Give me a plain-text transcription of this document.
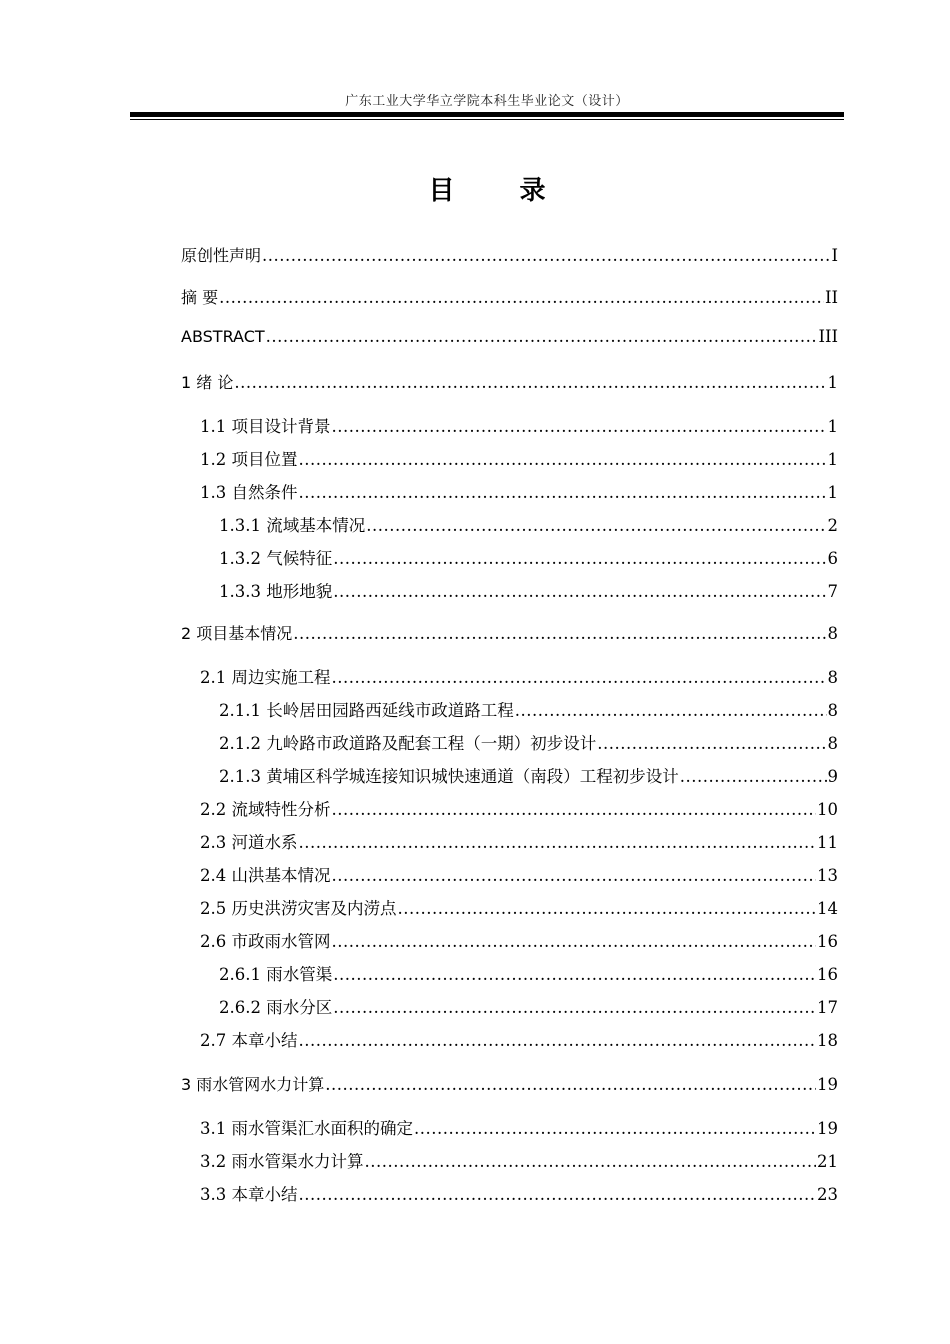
广东工业大学华立学院本科生毕业论文（设计）
目 录
原创性声明 .....	I
摘 要 .....	II
ABSTRACT .....	III
1 绪 论 .....	1
1.1 项目设计背景 .....	1
1.2 项目位置 .....	1
1.3 自然条件 .....	1
1.3.1 流域基本情况 .....	2
1.3.2 气候特征 .....	6
1.3.3 地形地貌 .....	7
2 项目基本情况 .....	8
2.1 周边实施工程 .....	8
2.1.1 长岭居田园路西延线市政道路工程 .....	8
2.1.2 九岭路市政道路及配套工程（一期）初步设计 .....	8
2.1.3 黄埔区科学城连接知识城快速通道（南段）工程初步设计 .....	9
2.2 流域特性分析 .....	10
2.3 河道水系 .....	11
2.4 山洪基本情况 .....	13
2.5 历史洪涝灾害及内涝点 .....	14
2.6 市政雨水管网 .....	16
2.6.1 雨水管渠 .....	16
2.6.2 雨水分区 .....	17
2.7 本章小结 .....	18
3 雨水管网水力计算 .....	19
3.1 雨水管渠汇水面积的确定 .....	19
3.2 雨水管渠水力计算 .....	21
3.3 本章小结 .....	23
